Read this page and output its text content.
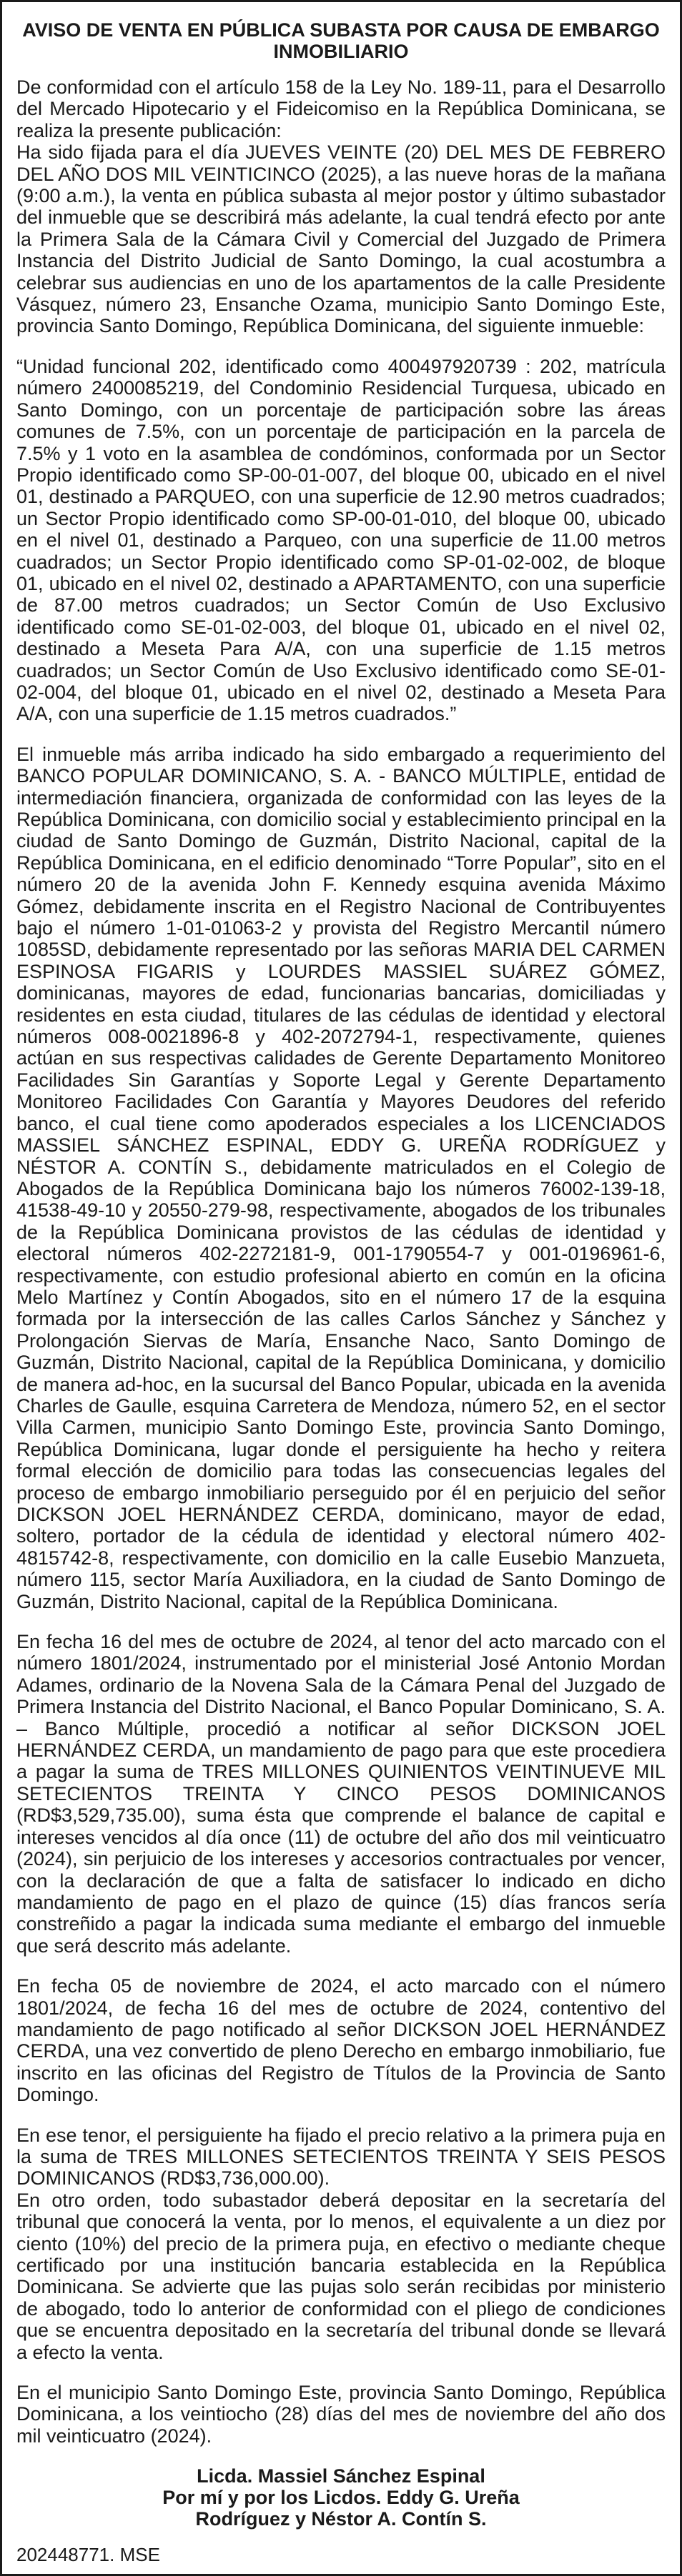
AVISO DE VENTA EN PÚBLICA SUBASTA POR CAUSA DE EMBARGO INMOBILIARIO
De conformidad con el artículo 158 de la Ley No. 189-11, para el Desarrollo del Mercado Hipotecario y el Fideicomiso en la República Dominicana, se realiza la presente publicación:
Ha sido fijada para el día JUEVES VEINTE (20) DEL MES DE FEBRERO DEL AÑO DOS MIL VEINTICINCO (2025), a las nueve horas de la mañana (9:00 a.m.), la venta en pública subasta al mejor postor y último subastador del inmueble que se describirá más adelante, la cual tendrá efecto por ante la Primera Sala de la Cámara Civil y Comercial del Juzgado de Primera Instancia del Distrito Judicial de Santo Domingo, la cual acostumbra a celebrar sus audiencias en uno de los apartamentos de la calle Presidente Vásquez, número 23, Ensanche Ozama, municipio Santo Domingo Este, provincia Santo Domingo, República Dominicana, del siguiente inmueble:
“Unidad funcional 202, identificado como 400497920739 : 202, matrícula número 2400085219, del Condominio Residencial Turquesa, ubicado en Santo Domingo, con un porcentaje de participación sobre las áreas comunes de 7.5%, con un porcentaje de participación en la parcela de 7.5% y 1 voto en la asamblea de condóminos, conformada por un Sector Propio identificado como SP-00-01-007, del bloque 00, ubicado en el nivel 01, destinado a PARQUEO, con una superficie de 12.90 metros cuadrados; un Sector Propio identificado como SP-00-01-010, del bloque 00, ubicado en el nivel 01, destinado a Parqueo, con una superficie de 11.00 metros cuadrados; un Sector Propio identificado como SP-01-02-002, de bloque 01, ubicado en el nivel 02, destinado a APARTAMENTO, con una superficie de 87.00 metros cuadrados; un Sector Común de Uso Exclusivo identificado como SE-01-02-003, del bloque 01, ubicado en el nivel 02, destinado a Meseta Para A/A, con una superficie de 1.15 metros cuadrados; un Sector Común de Uso Exclusivo identificado como SE-01-02-004, del bloque 01, ubicado en el nivel 02, destinado a Meseta Para A/A, con una superficie de 1.15 metros cuadrados.”
El inmueble más arriba indicado ha sido embargado a requerimiento del BANCO POPULAR DOMINICANO, S. A. - BANCO MÚLTIPLE, entidad de intermediación financiera, organizada de conformidad con las leyes de la República Dominicana, con domicilio social y establecimiento principal en la ciudad de Santo Domingo de Guzmán, Distrito Nacional, capital de la República Dominicana, en el edificio denominado “Torre Popular”, sito en el número 20 de la avenida John F. Kennedy esquina avenida Máximo Gómez, debidamente inscrita en el Registro Nacional de Contribuyentes bajo el número 1-01-01063-2 y provista del Registro Mercantil número 1085SD, debidamente representado por las señoras MARIA DEL CARMEN ESPINOSA FIGARIS y LOURDES MASSIEL SUÁREZ GÓMEZ, dominicanas, mayores de edad, funcionarias bancarias, domiciliadas y residentes en esta ciudad, titulares de las cédulas de identidad y electoral números 008-0021896-8 y 402-2072794-1, respectivamente, quienes actúan en sus respectivas calidades de Gerente Departamento Monitoreo Facilidades Sin Garantías y Soporte Legal y Gerente Departamento Monitoreo Facilidades Con Garantía y Mayores Deudores del referido banco, el cual tiene como apoderados especiales a los LICENCIADOS MASSIEL SÁNCHEZ ESPINAL, EDDY G. UREÑA RODRÍGUEZ y NÉSTOR A. CONTÍN S., debidamente matriculados en el Colegio de Abogados de la República Dominicana bajo los números 76002-139-18, 41538-49-10 y 20550-279-98, respectivamente, abogados de los tribunales de la República Dominicana provistos de las cédulas de identidad y electoral números 402-2272181-9, 001-1790554-7 y 001-0196961-6, respectivamente, con estudio profesional abierto en común en la oficina Melo Martínez y Contín Abogados, sito en el número 17 de la esquina formada por la intersección de las calles Carlos Sánchez y Sánchez y Prolongación Siervas de María, Ensanche Naco, Santo Domingo de Guzmán, Distrito Nacional, capital de la República Dominicana, y domicilio de manera ad-hoc, en la sucursal del Banco Popular, ubicada en la avenida Charles de Gaulle, esquina Carretera de Mendoza, número 52, en el sector Villa Carmen, municipio Santo Domingo Este, provincia Santo Domingo, República Dominicana, lugar donde el persiguiente ha hecho y reitera formal elección de domicilio para todas las consecuencias legales del proceso de embargo inmobiliario perseguido por él en perjuicio del señor DICKSON JOEL HERNÁNDEZ CERDA, dominicano, mayor de edad, soltero, portador de la cédula de identidad y electoral número 402-4815742-8, respectivamente, con domicilio en la calle Eusebio Manzueta, número 115, sector María Auxiliadora, en la ciudad de Santo Domingo de Guzmán, Distrito Nacional, capital de la República Dominicana.
En fecha 16 del mes de octubre de 2024, al tenor del acto marcado con el número 1801/2024, instrumentado por el ministerial José Antonio Mordan Adames, ordinario de la Novena Sala de la Cámara Penal del Juzgado de Primera Instancia del Distrito Nacional, el Banco Popular Dominicano, S. A. – Banco Múltiple, procedió a notificar al señor DICKSON JOEL HERNÁNDEZ CERDA, un mandamiento de pago para que este procediera a pagar la suma de TRES MILLONES QUINIENTOS VEINTINUEVE MIL SETECIENTOS TREINTA Y CINCO PESOS DOMINICANOS (RD$3,529,735.00), suma ésta que comprende el balance de capital e intereses vencidos al día once (11) de octubre del año dos mil veinticuatro (2024), sin perjuicio de los intereses y accesorios contractuales por vencer, con la declaración de que a falta de satisfacer lo indicado en dicho mandamiento de pago en el plazo de quince (15) días francos sería constreñido a pagar la indicada suma mediante el embargo del inmueble que será descrito más adelante.
En fecha 05 de noviembre de 2024, el acto marcado con el número 1801/2024, de fecha 16 del mes de octubre de 2024, contentivo del mandamiento de pago notificado al señor DICKSON JOEL HERNÁNDEZ CERDA, una vez convertido de pleno Derecho en embargo inmobiliario, fue inscrito en las oficinas del Registro de Títulos de la Provincia de Santo Domingo.
En ese tenor, el persiguiente ha fijado el precio relativo a la primera puja en la suma de TRES MILLONES SETECIENTOS TREINTA Y SEIS PESOS DOMINICANOS (RD$3,736,000.00).
En otro orden, todo subastador deberá depositar en la secretaría del tribunal que conocerá la venta, por lo menos, el equivalente a un diez por ciento (10%) del precio de la primera puja, en efectivo o mediante cheque certificado por una institución bancaria establecida en la República Dominicana. Se advierte que las pujas solo serán recibidas por ministerio de abogado, todo lo anterior de conformidad con el pliego de condiciones que se encuentra depositado en la secretaría del tribunal donde se llevará a efecto la venta.
En el municipio Santo Domingo Este, provincia Santo Domingo, República Dominicana, a los veintiocho (28) días del mes de noviembre del año dos mil veinticuatro (2024).
Licda. Massiel Sánchez Espinal
Por mí y por los Licdos. Eddy G. Ureña
Rodríguez y Néstor A. Contín S.
202448771. MSE
